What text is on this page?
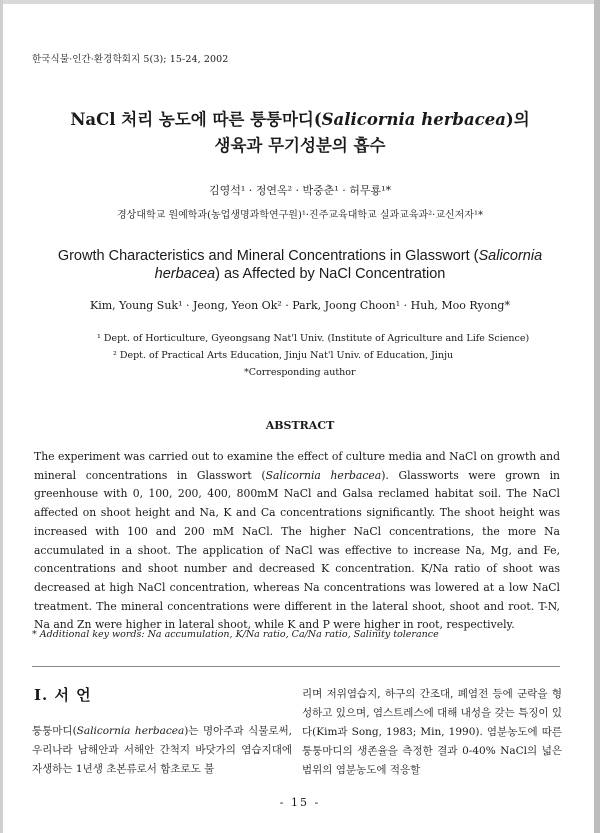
한국식물·인간·환경학회지 5(3); 15-24, 2002
NaCl 처리 농도에 따른 퉁퉁마디(Salicornia herbacea)의
생육과 무기성분의 흡수
김영석¹ · 정연옥² · 박중춘¹ · 허무룡¹*
경상대학교 원예학과(농업생명과학연구원)¹·진주교육대학교 실과교육과²·교신저자¹*
Growth Characteristics and Mineral Concentrations in Glasswort (Salicornia herbacea) as Affected by NaCl Concentration
Kim, Young Suk¹ · Jeong, Yeon Ok² · Park, Joong Choon¹ · Huh, Moo Ryong*
¹ Dept. of Horticulture, Gyeongsang Nat'l Univ. (Institute of Agriculture and Life Science)
² Dept. of Practical Arts Education, Jinju Nat'l Univ. of Education, Jinju
*Corresponding author
ABSTRACT

The experiment was carried out to examine the effect of culture media and NaCl on growth and mineral concentrations in Glasswort (Salicornia herbacea). Glassworts were grown in greenhouse with 0, 100, 200, 400, 800mM NaCl and Galsa reclamed habitat soil. The NaCl affected on shoot height and Na, K and Ca concentrations significantly. The shoot height was increased with 100 and 200 mM NaCl. The higher NaCl concentrations, the more Na accumulated in a shoot. The application of NaCl was effective to increase Na, Mg, and Fe, concentrations and shoot number and decreased K concentration. K/Na ratio of shoot was decreased at high NaCl concentration, whereas Na concentrations was lowered at a low NaCl treatment. The mineral concentrations were different in the lateral shoot, shoot and root. T-N, Na and Zn were higher in lateral shoot, while K and P were higher in root, respectively.

* Additional key words: Na accumulation, K/Na ratio, Ca/Na ratio, Salinity tolerance
Ⅰ. 서 언

퉁퉁마디(Salicornia herbacea)는 명아주과 식물로써, 우리나라 남해안과 서해안 간척지 바닷가의 염습지대에 자생하는 1년생 초본류로서 함초로도 불

리며 저위염습지, 하구의 간조대, 폐염전 등에 군락을 형성하고 있으며, 염스트레스에 대해 내성을 갖는 특징이 있다(Kim과 Song, 1983; Min, 1990). 염분농도에 따른 퉁퉁마디의 생존율을 측정한 결과 0-40% NaCl의 넓은 범위의 염분농도에 적응할

- 15 -
